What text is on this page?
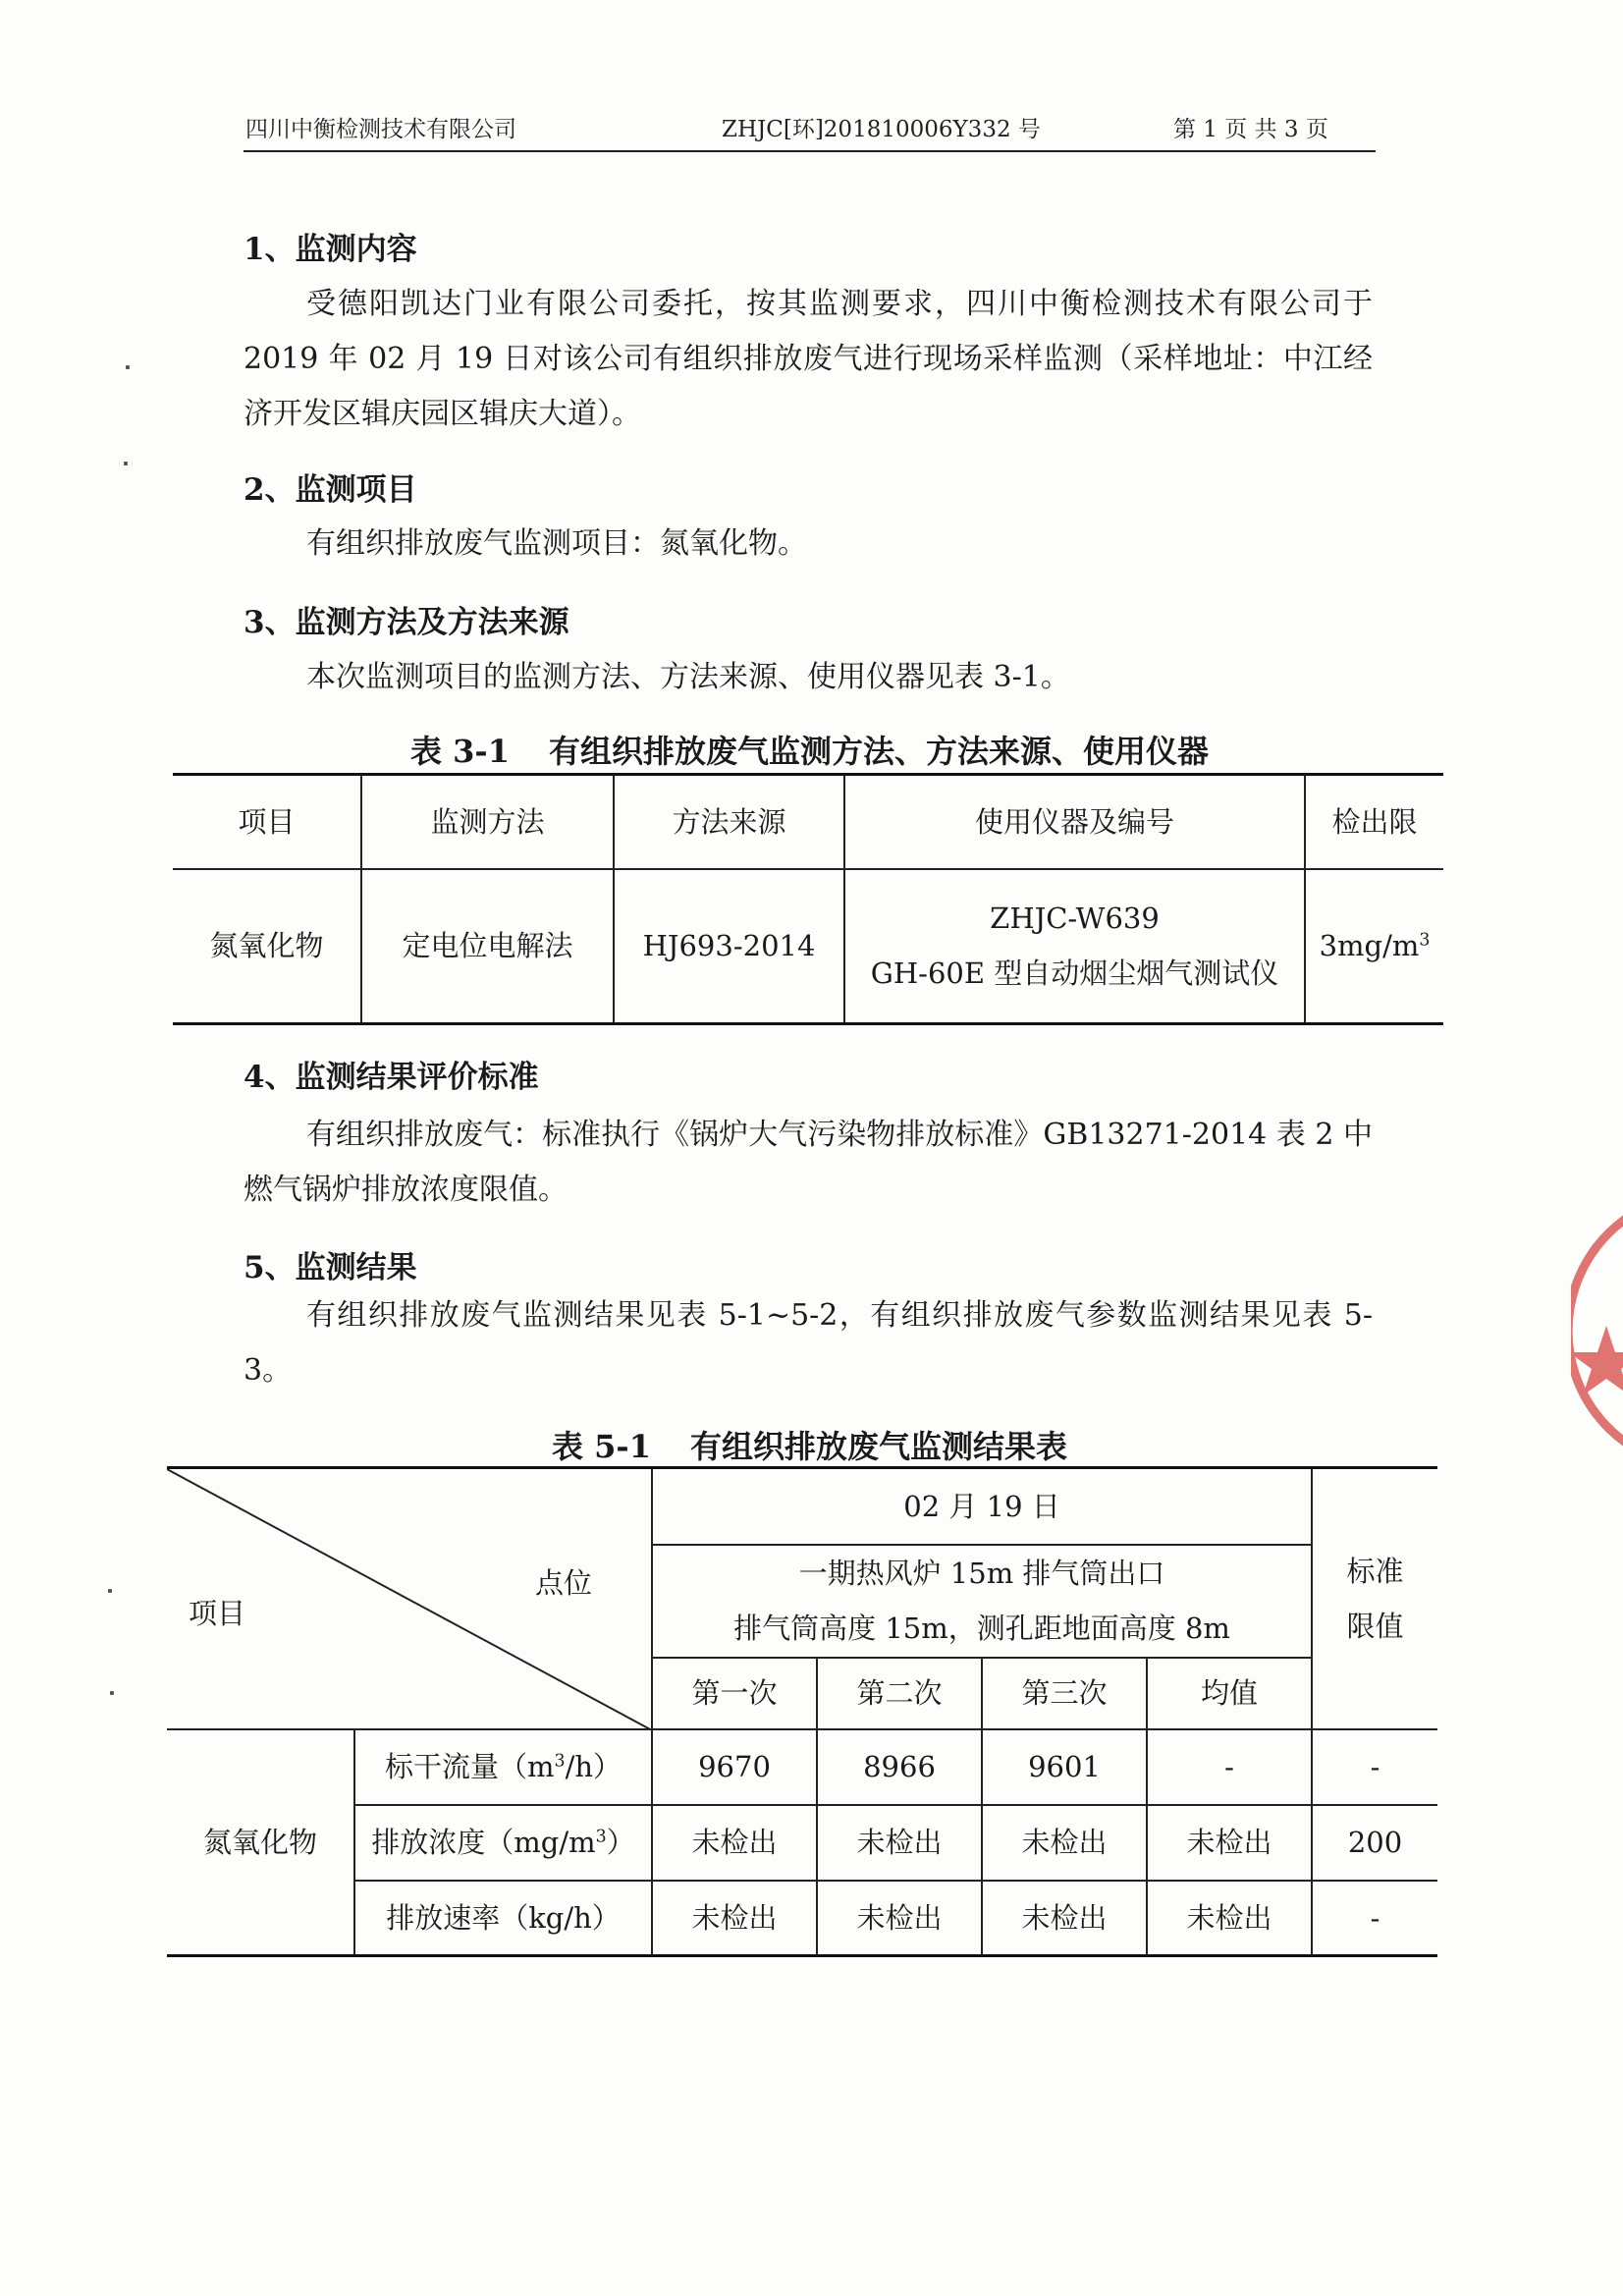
四川中衡检测技术有限公司	ZHJC[环]201810006Y332 号	第 1 页 共 3 页
1、监测内容

受德阳凯达门业有限公司委托，按其监测要求，四川中衡检测技术有限公司于 2019 年 02 月 19 日对该公司有组织排放废气进行现场采样监测（采样地址：中江经济开发区辑庆园区辑庆大道）。

2、监测项目

有组织排放废气监测项目：氮氧化物。

3、监测方法及方法来源

本次监测项目的监测方法、方法来源、使用仪器见表 3-1。

表 3-1 有组织排放废气监测方法、方法来源、使用仪器
项目	监测方法	方法来源	使用仪器及编号	检出限
氮氧化物	定电位电解法	HJ693-2014	ZHJC-W639
GH-60E 型自动烟尘烟气测试仪	$3mg/m^3$
4、监测结果评价标准

有组织排放废气：标准执行《锅炉大气污染物排放标准》GB13271-2014 表 2 中燃气锅炉排放浓度限值。

5、监测结果

有组织排放废气监测结果见表 5-1~5-2，有组织排放废气参数监测结果见表 5-3。

表 5-1 有组织排放废气监测结果表
点位
项目		02 月 19 日				标准限值

		一期热风炉 15m 排气筒出口
排气筒高度 15m，测孔距地面高度 8m				

		第一次	第二次	第三次	均值	
氮氧化物	标干流量$(m^3/h)$	9670	8966	9601	-	-
	排放浓度$(mg/m^3)$	未检出	未检出	未检出	未检出	200
	排放速率（kg/h）	未检出	未检出	未检出	未检出	-
